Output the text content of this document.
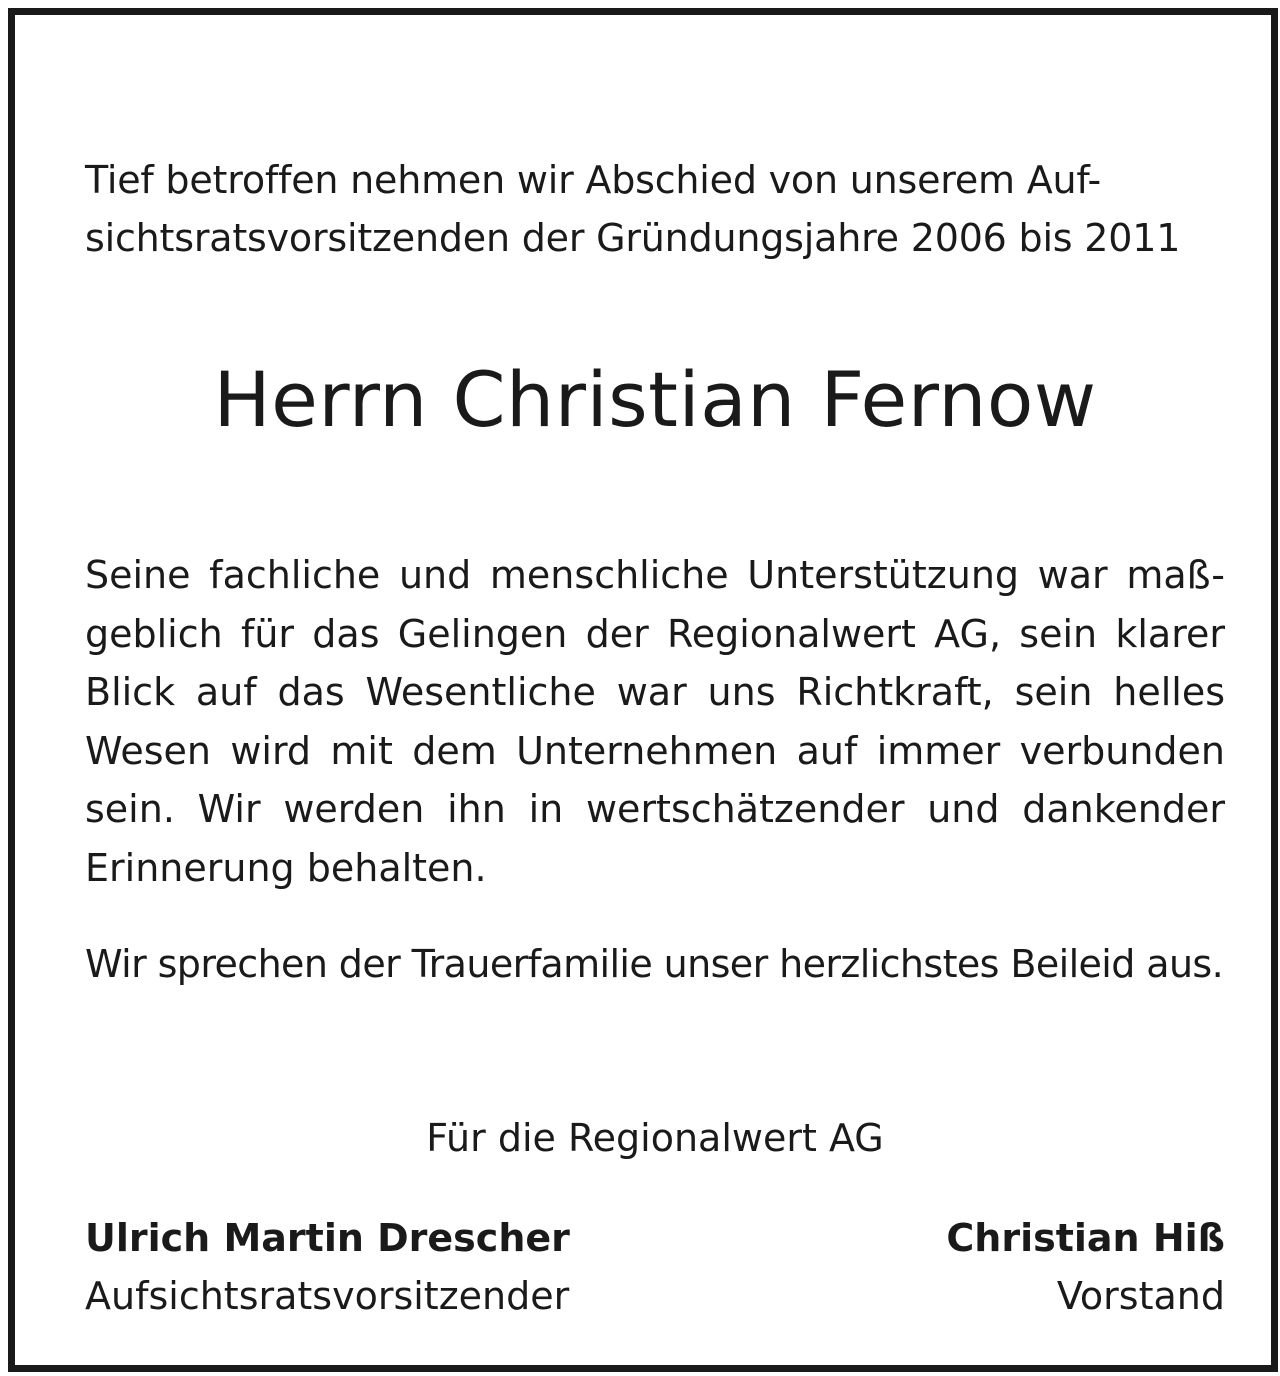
Tief betroffen nehmen wir Abschied von unserem Auf-
sichtsratsvorsitzenden der Gründungsjahre 2006 bis 2011
Herrn Christian Fernow
Seine fachliche und menschliche Unterstützung war maß-
geblich für das Gelingen der Regionalwert AG, sein klarer
Blick auf das Wesentliche war uns Richtkraft, sein helles
Wesen wird mit dem Unternehmen auf immer verbunden
sein. Wir werden ihn in wertschätzender und dankender
Erinnerung behalten.
Wir sprechen der Trauerfamilie unser herzlichstes Beileid aus.
Für die Regionalwert AG
Ulrich Martin Drescher
Aufsichtsratsvorsitzender
Christian Hiß
Vorstand
